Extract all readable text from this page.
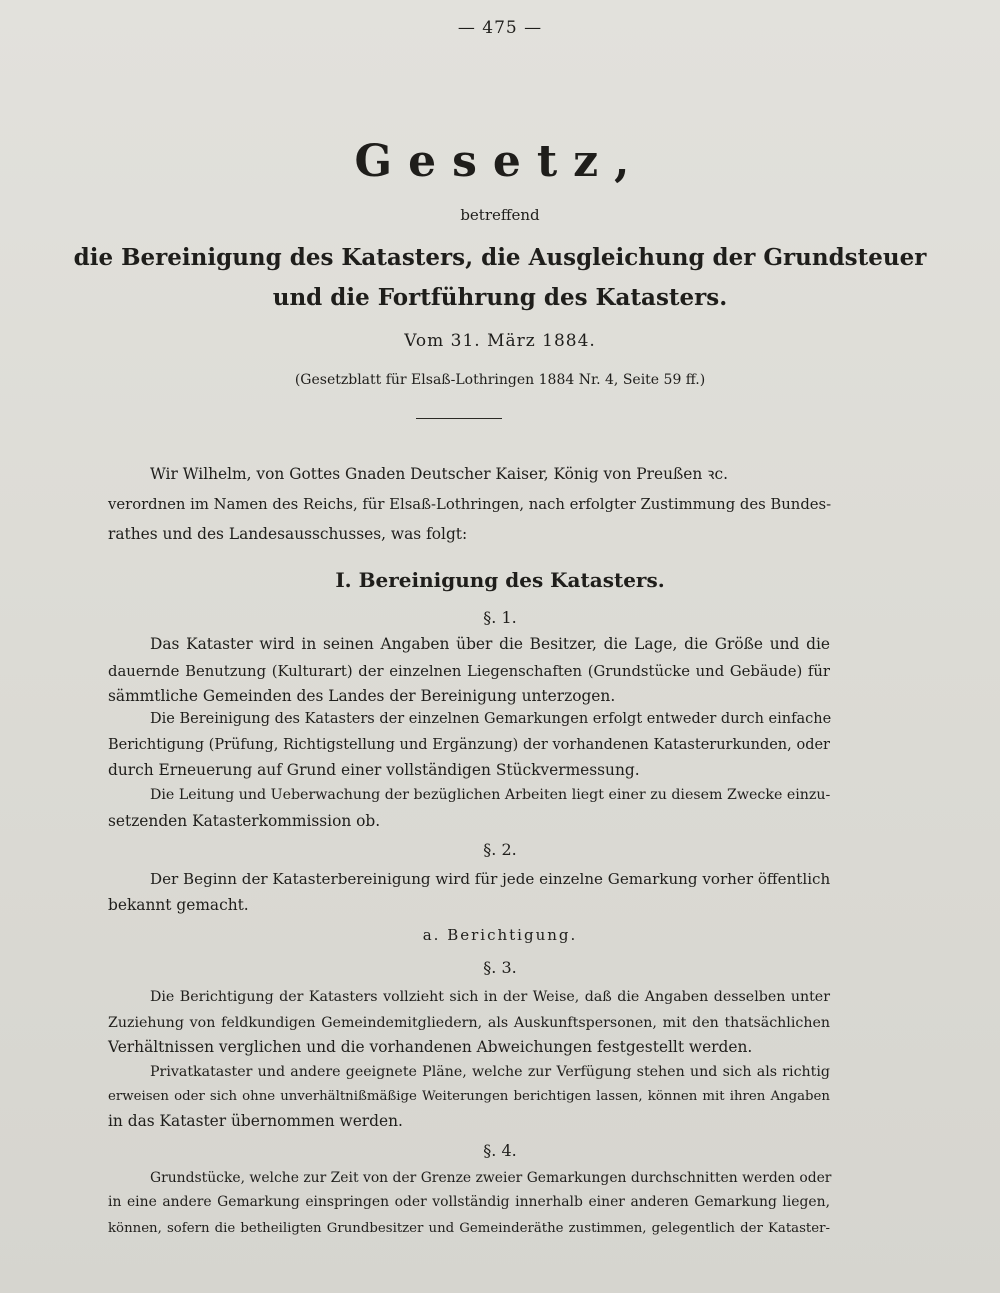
— 475 —
Gesetz,
betreffend
die Bereinigung des Katasters, die Ausgleichung der Grundsteuer
und die Fortführung des Katasters.
Vom 31. März 1884.
(Gesetzblatt für Elsaß-Lothringen 1884 Nr. 4, Seite 59 ff.)
Wir Wilhelm, von Gottes Gnaden Deutscher Kaiser, König von Preußen ꝛc.
verordnen im Namen des Reichs, für Elsaß-Lothringen, nach erfolgter Zustimmung des Bundes-
rathes und des Landesausschusses, was folgt:
I. Bereinigung des Katasters.
§. 1.
Das Kataster wird in seinen Angaben über die Besitzer, die Lage, die Größe und die
dauernde Benutzung (Kulturart) der einzelnen Liegenschaften (Grundstücke und Gebäude) für
sämmtliche Gemeinden des Landes der Bereinigung unterzogen.
Die Bereinigung des Katasters der einzelnen Gemarkungen erfolgt entweder durch einfache
Berichtigung (Prüfung, Richtigstellung und Ergänzung) der vorhandenen Katasterurkunden, oder
durch Erneuerung auf Grund einer vollständigen Stückvermessung.
Die Leitung und Ueberwachung der bezüglichen Arbeiten liegt einer zu diesem Zwecke einzu-
setzenden Katasterkommission ob.
§. 2.
Der Beginn der Katasterbereinigung wird für jede einzelne Gemarkung vorher öffentlich
bekannt gemacht.
a. Berichtigung.
§. 3.
Die Berichtigung der Katasters vollzieht sich in der Weise, daß die Angaben desselben unter
Zuziehung von feldkundigen Gemeindemitgliedern, als Auskunftspersonen, mit den thatsächlichen
Verhältnissen verglichen und die vorhandenen Abweichungen festgestellt werden.
Privatkataster und andere geeignete Pläne, welche zur Verfügung stehen und sich als richtig
erweisen oder sich ohne unverhältnißmäßige Weiterungen berichtigen lassen, können mit ihren Angaben
in das Kataster übernommen werden.
§. 4.
Grundstücke, welche zur Zeit von der Grenze zweier Gemarkungen durchschnitten werden oder
in eine andere Gemarkung einspringen oder vollständig innerhalb einer anderen Gemarkung liegen,
können, sofern die betheiligten Grundbesitzer und Gemeinderäthe zustimmen, gelegentlich der Kataster-
